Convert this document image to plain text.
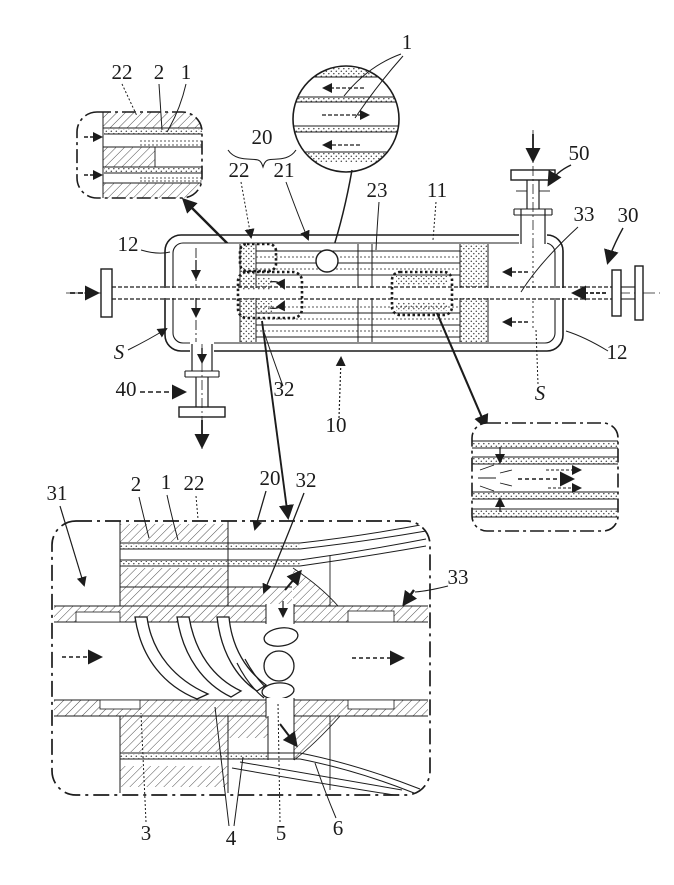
22 2 1
1
20
22 21
23 11
50
33 30
12
S
40	32
10
12
S
31	2 1 22	20 32
33
3	4 5 6
